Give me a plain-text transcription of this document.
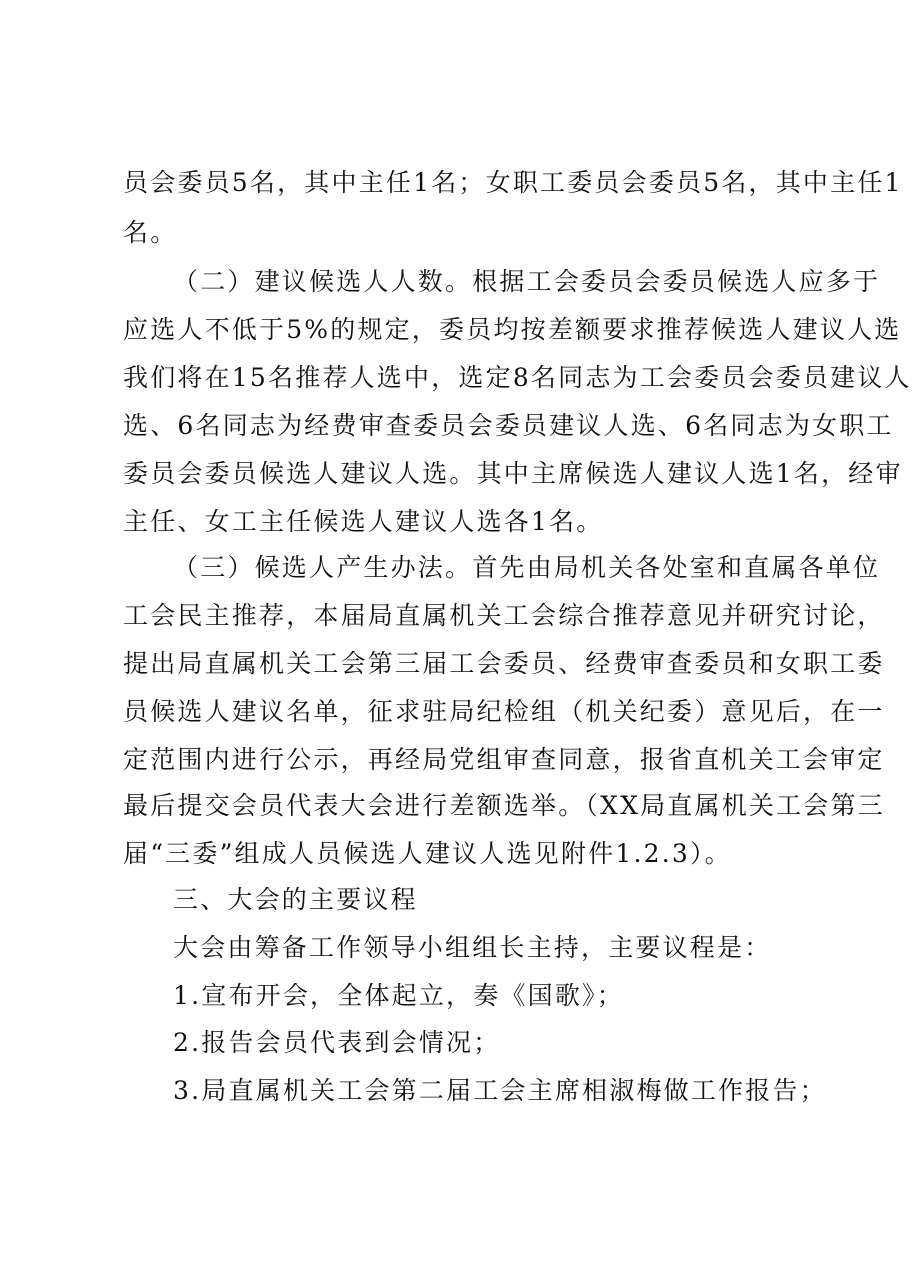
员会委员5名，其中主任1名；女职工委员会委员5名，其中主任1
名。
（二）建议候选人人数。根据工会委员会委员候选人应多于
应选人不低于5%的规定，委员均按差额要求推荐候选人建议人选
我们将在15名推荐人选中，选定8名同志为工会委员会委员建议人
选、6名同志为经费审查委员会委员建议人选、6名同志为女职工
委员会委员候选人建议人选。其中主席候选人建议人选1名，经审
主任、女工主任候选人建议人选各1名。
（三）候选人产生办法。首先由局机关各处室和直属各单位
工会民主推荐，本届局直属机关工会综合推荐意见并研究讨论，
提出局直属机关工会第三届工会委员、经费审查委员和女职工委
员候选人建议名单，征求驻局纪检组（机关纪委）意见后，在一
定范围内进行公示，再经局党组审查同意，报省直机关工会审定
最后提交会员代表大会进行差额选举。（XX局直属机关工会第三
届“三委”组成人员候选人建议人选见附件1.2.3）。
三、大会的主要议程
大会由筹备工作领导小组组长主持，主要议程是：
1.宣布开会，全体起立，奏《国歌》；
2.报告会员代表到会情况；
3.局直属机关工会第二届工会主席相淑梅做工作报告；
